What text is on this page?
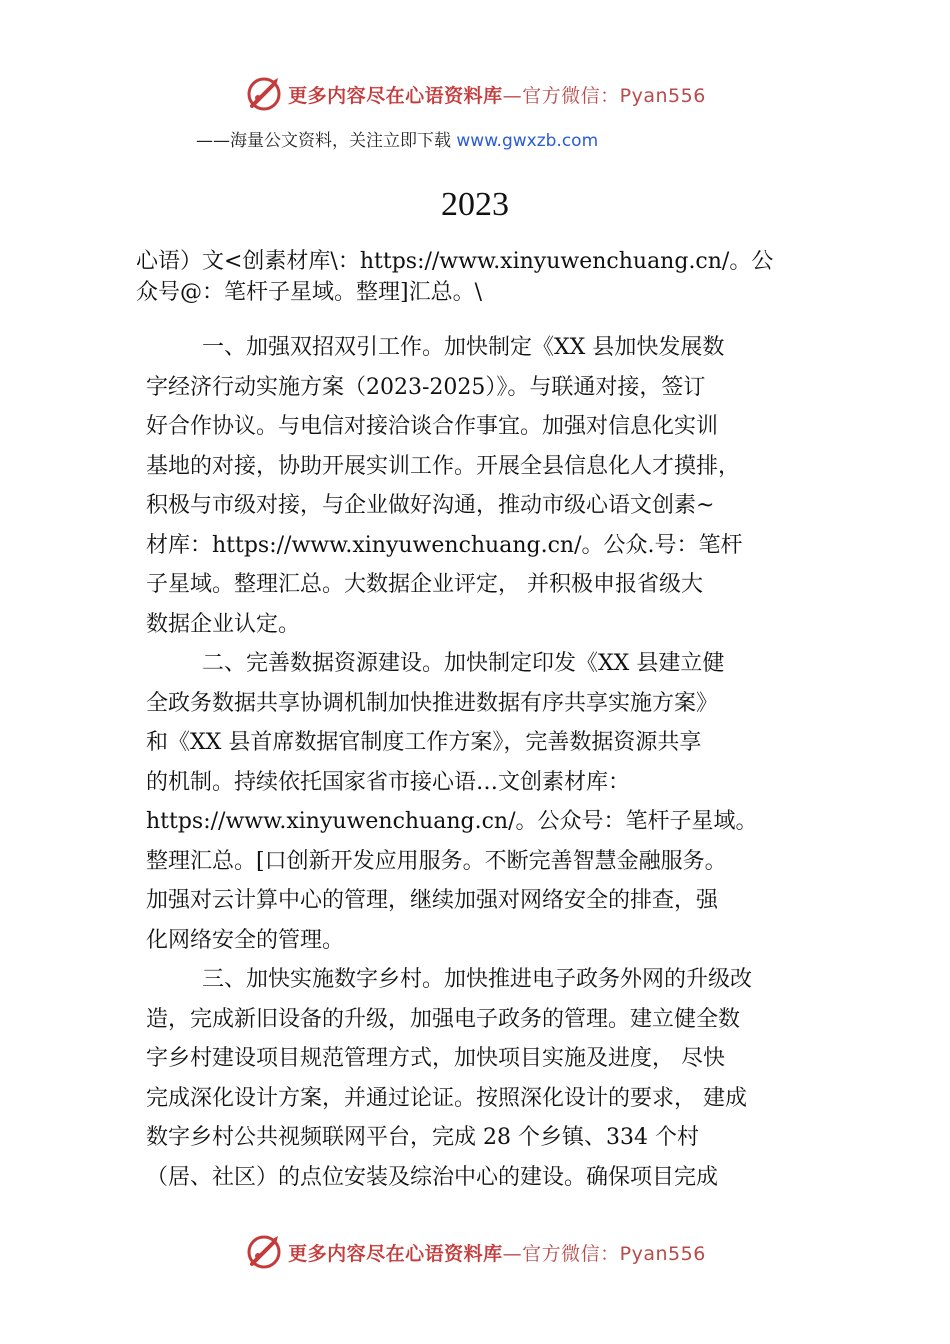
更多内容尽在心语资料库—官方微信：Pyan556
——海量公文资料，关注立即下载 www.gwxzb.com
2023
心语）文<创素材库\：https://www.xinyuwenchuang.cn/。公
众号@：笔杆子星域。整理]汇总。\
一、加强双招双引工作。加快制定《XX 县加快发展数
字经济行动实施方案（2023-2025）》。与联通对接，签订
好合作协议。与电信对接洽谈合作事宜。加强对信息化实训
基地的对接，协助开展实训工作。开展全县信息化人才摸排，
积极与市级对接，与企业做好沟通，推动市级心语文创素~
材库：https://www.xinyuwenchuang.cn/。公众.号：笔杆
子星域。整理汇总。大数据企业评定， 并积极申报省级大
数据企业认定。
二、完善数据资源建设。加快制定印发《XX 县建立健
全政务数据共享协调机制加快推进数据有序共享实施方案》
和《XX 县首席数据官制度工作方案》，完善数据资源共享
的机制。持续依托国家省市接心语…文创素材库：
https://www.xinyuwenchuang.cn/。公众号：笔杆子星域。
整理汇总。[口创新开发应用服务。不断完善智慧金融服务。
加强对云计算中心的管理，继续加强对网络安全的排查，强
化网络安全的管理。
三、加快实施数字乡村。加快推进电子政务外网的升级改
造，完成新旧设备的升级，加强电子政务的管理。建立健全数
字乡村建设项目规范管理方式，加快项目实施及进度， 尽快
完成深化设计方案，并通过论证。按照深化设计的要求， 建成
数字乡村公共视频联网平台，完成 28 个乡镇、334 个村
（居、社区）的点位安装及综治中心的建设。确保项目完成
更多内容尽在心语资料库—官方微信：Pyan556
